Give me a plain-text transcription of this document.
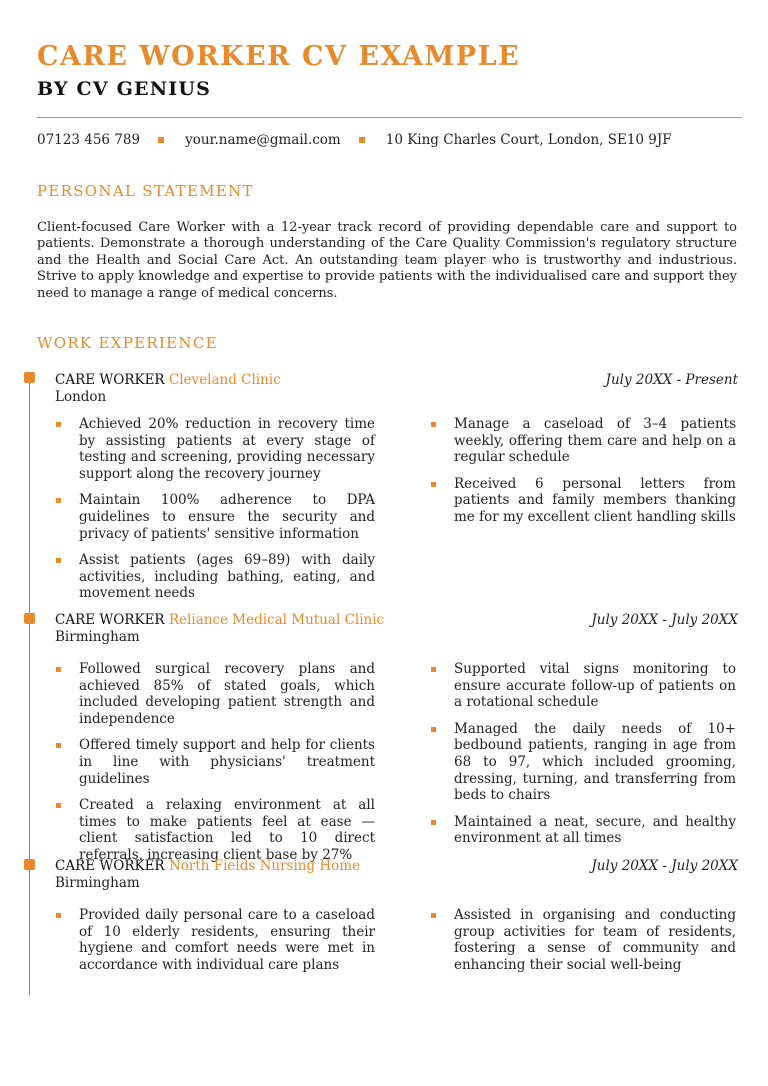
CARE WORKER CV EXAMPLE
BY CV GENIUS
07123 456 789	your.name@gmail.com	10 King Charles Court, London, SE10 9JF
PERSONAL STATEMENT

Client-focused Care Worker with a 12-year track record of providing dependable care and support to patients. Demonstrate a thorough understanding of the Care Quality Commission's regulatory structure and the Health and Social Care Act. An outstanding team player who is trustworthy and industrious. Strive to apply knowledge and expertise to provide patients with the individualised care and support they need to manage a range of medical concerns.

WORK EXPERIENCE
CARE WORKER Cleveland Clinic	July 20XX - Present
London
Achieved 20% reduction in recovery time by assisting patients at every stage of testing and screening, providing necessary support along the recovery journey
Maintain 100% adherence to DPA guidelines to ensure the security and privacy of patients' sensitive information
Assist patients (ages 69–89) with daily activities, including bathing, eating, and movement needs
Manage a caseload of 3–4 patients weekly, offering them care and help on a regular schedule
Received 6 personal letters from patients and family members thanking me for my excellent client handling skills
CARE WORKER Reliance Medical Mutual Clinic	July 20XX - July 20XX
Birmingham
Followed surgical recovery plans and achieved 85% of stated goals, which included developing patient strength and independence
Offered timely support and help for clients in line with physicians' treatment guidelines
Created a relaxing environment at all times to make patients feel at ease — client satisfaction led to 10 direct referrals, increasing client base by 27%
Supported vital signs monitoring to ensure accurate follow-up of patients on a rotational schedule
Managed the daily needs of 10+ bedbound patients, ranging in age from 68 to 97, which included grooming, dressing, turning, and transferring from beds to chairs
Maintained a neat, secure, and healthy environment at all times
CARE WORKER North Fields Nursing Home	July 20XX - July 20XX
Birmingham
Provided daily personal care to a caseload of 10 elderly residents, ensuring their hygiene and comfort needs were met in accordance with individual care plans
Assisted in organising and conducting group activities for team of residents, fostering a sense of community and enhancing their social well-being
